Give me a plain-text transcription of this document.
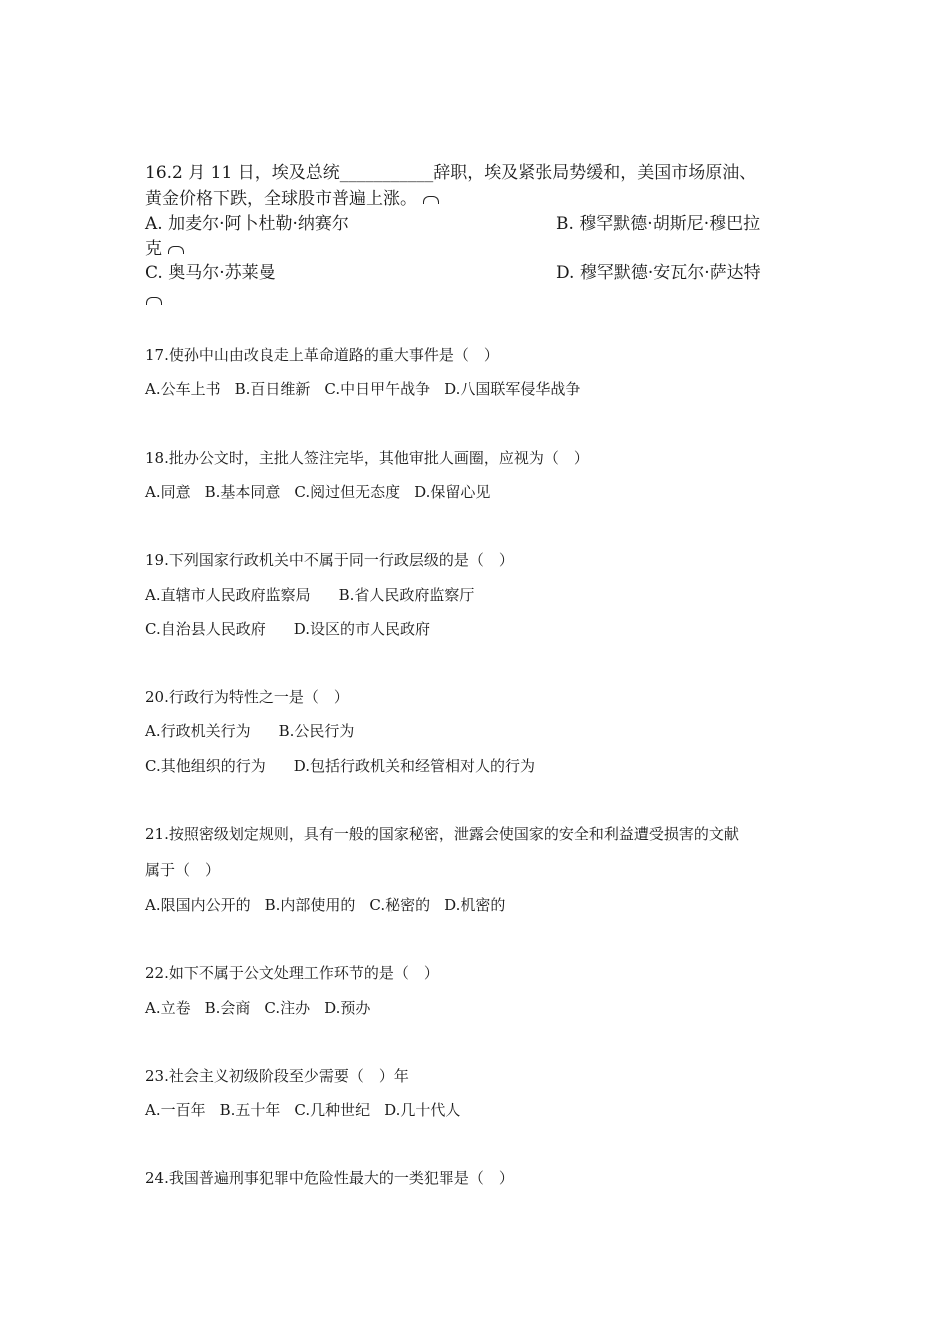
16.2 月 11 日，埃及总统___________辞职，埃及紧张局势缓和，美国市场原油、
黄金价格下跌，全球股市普遍上涨。
A. 加麦尔·阿卜杜勒·纳赛尔	B. 穆罕默德·胡斯尼·穆巴拉
克
C. 奥马尔·苏莱曼	D. 穆罕默德·安瓦尔·萨达特
17.使孙中山由改良走上革命道路的重大事件是（　）
A.公车上书 B.百日维新 C.中日甲午战争 D.八国联军侵华战争
18.批办公文时，主批人签注完毕，其他审批人画圈，应视为（　）
A.同意 B.基本同意 C.阅过但无态度 D.保留心见
19.下列国家行政机关中不属于同一行政层级的是（　）
A.直辖市人民政府监察局 B.省人民政府监察厅
C.自治县人民政府 D.设区的市人民政府
20.行政行为特性之一是（　）
A.行政机关行为 B.公民行为
C.其他组织的行为 D.包括行政机关和经管相对人的行为
21.按照密级划定规则，具有一般的国家秘密，泄露会使国家的安全和利益遭受损害的文献
属于（　）
A.限国内公开的 B.内部使用的 C.秘密的 D.机密的
22.如下不属于公文处理工作环节的是（　）
A.立卷 B.会商 C.注办 D.预办
23.社会主义初级阶段至少需要（　）年
A.一百年 B.五十年 C.几种世纪 D.几十代人
24.我国普遍刑事犯罪中危险性最大的一类犯罪是（　）
